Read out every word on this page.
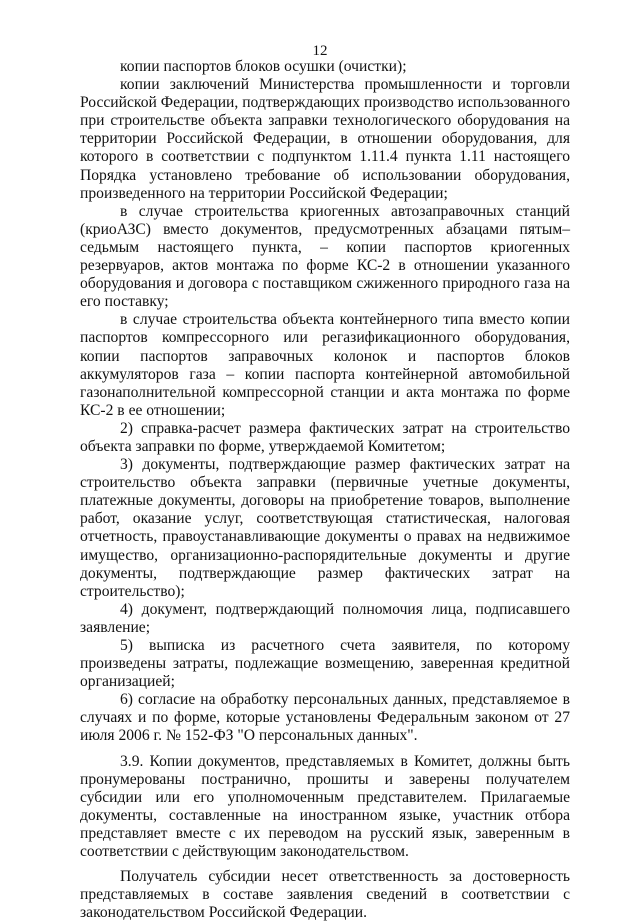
12

копии паспортов блоков осушки (очистки);

копии заключений Министерства промышленности и торговли Российской Федерации, подтверждающих производство использованного при строительстве объекта заправки технологического оборудования на территории Российской Федерации, в отношении оборудования, для которого в соответствии с подпунктом 1.11.4 пункта 1.11 настоящего Порядка установлено требование об использовании оборудования, произведенного на территории Российской Федерации;

в случае строительства криогенных автозаправочных станций (криоАЗС) вместо документов, предусмотренных абзацами пятым–седьмым настоящего пункта, – копии паспортов криогенных резервуаров, актов монтажа по форме КС-2 в отношении указанного оборудования и договора с поставщиком сжиженного природного газа на его поставку;

в случае строительства объекта контейнерного типа вместо копии паспортов компрессорного или регазификационного оборудования, копии паспортов заправочных колонок и паспортов блоков аккумуляторов газа – копии паспорта контейнерной автомобильной газонаполнительной компрессорной станции и акта монтажа по форме КС-2 в ее отношении;

2) справка-расчет размера фактических затрат на строительство объекта заправки по форме, утверждаемой Комитетом;

3) документы, подтверждающие размер фактических затрат на строительство объекта заправки (первичные учетные документы, платежные документы, договоры на приобретение товаров, выполнение работ, оказание услуг, соответствующая статистическая, налоговая отчетность, правоустанавливающие документы о правах на недвижимое имущество, организационно-распорядительные документы и другие документы, подтверждающие размер фактических затрат на строительство);

4) документ, подтверждающий полномочия лица, подписавшего заявление;

5) выписка из расчетного счета заявителя, по которому произведены затраты, подлежащие возмещению, заверенная кредитной организацией;

6) согласие на обработку персональных данных, представляемое в случаях и по форме, которые установлены Федеральным законом от 27 июля 2006 г. № 152-ФЗ "О персональных данных".

3.9. Копии документов, представляемых в Комитет, должны быть пронумерованы постранично, прошиты и заверены получателем субсидии или его уполномоченным представителем. Прилагаемые документы, составленные на иностранном языке, участник отбора представляет вместе с их переводом на русский язык, заверенным в соответствии с действующим законодательством.

Получатель субсидии несет ответственность за достоверность представляемых в составе заявления сведений в соответствии с законодательством Российской Федерации.
